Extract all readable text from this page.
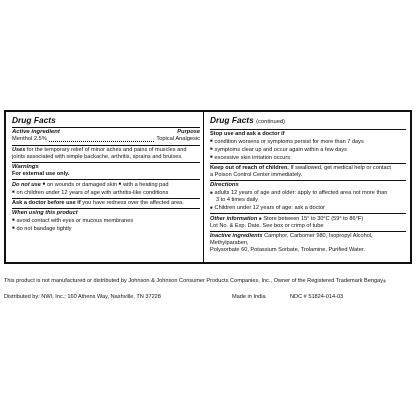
Drug Facts
Active ingredient	Purpose
Menthol 2.5%	Topical Analgesic
Uses for the temporary relief of minor aches and pains of muscles and
joints associated with simple backache, arthritis, sprains and bruises.
Warnings
For external use only.
Do not use ■ on wounds or damaged skin ■ with a heating pad
■ on children under 12 years of age with arthritis-like conditions
Ask a doctor before use if you have redness over the affected area.
When using this product
■ avoid contact with eyes or mucous membranes
■ do not bandage tightly
Drug Facts (continued)
Stop use and ask a doctor if
■ condition worsens or symptoms persist for more than 7 days
■ symptoms clear up and occur again within a few days
■ excessive skin irritation occurs
Keep out of reach of children. If swallowed, get medical help or contact
a Poison Control Center immediately.
Directions
■ adults 12 years of age and older: apply to affected area not more than
3 to 4 times daily
■ Children under 12 years of age: ask a doctor
Other information ■ Store between 15° to 30°C (59° to 86°F)
Lot No. & Exp. Date. See box or crimp of tube
Inactive ingredients Camphor, Carbomer 980, Isopropyl Alcohol, Methylparaben,
Polysorbate 60, Potassium Sorbate, Trolamine, Purified Water.
This product is not manufactured or distributed by Johnson & Johnson Consumer Products Companies, Inc., Owner of the Registered Trademark Bengay®
Distributed by: NWI, Inc.; 160 Athens Way, Nashville, TN 37228	Made in India	NDC # 51824-014-03
